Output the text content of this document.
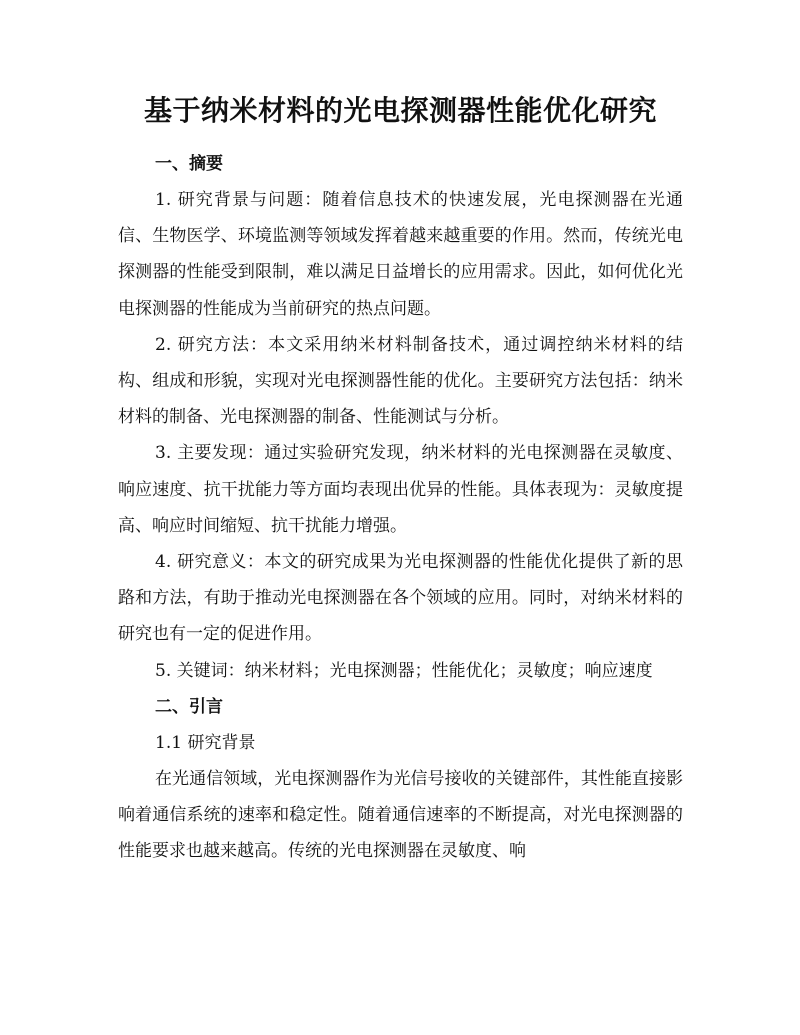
基于纳米材料的光电探测器性能优化研究
一、摘要

1. 研究背景与问题：随着信息技术的快速发展，光电探测器在光通信、生物医学、环境监测等领域发挥着越来越重要的作用。然而，传统光电探测器的性能受到限制，难以满足日益增长的应用需求。因此，如何优化光电探测器的性能成为当前研究的热点问题。

2. 研究方法：本文采用纳米材料制备技术，通过调控纳米材料的结构、组成和形貌，实现对光电探测器性能的优化。主要研究方法包括：纳米材料的制备、光电探测器的制备、性能测试与分析。

3. 主要发现：通过实验研究发现，纳米材料的光电探测器在灵敏度、响应速度、抗干扰能力等方面均表现出优异的性能。具体表现为：灵敏度提高、响应时间缩短、抗干扰能力增强。

4. 研究意义：本文的研究成果为光电探测器的性能优化提供了新的思路和方法，有助于推动光电探测器在各个领域的应用。同时，对纳米材料的研究也有一定的促进作用。

5. 关键词：纳米材料；光电探测器；性能优化；灵敏度；响应速度

二、引言

1.1 研究背景

在光通信领域，光电探测器作为光信号接收的关键部件，其性能直接影响着通信系统的速率和稳定性。随着通信速率的不断提高，对光电探测器的性能要求也越来越高。传统的光电探测器在灵敏度、响
